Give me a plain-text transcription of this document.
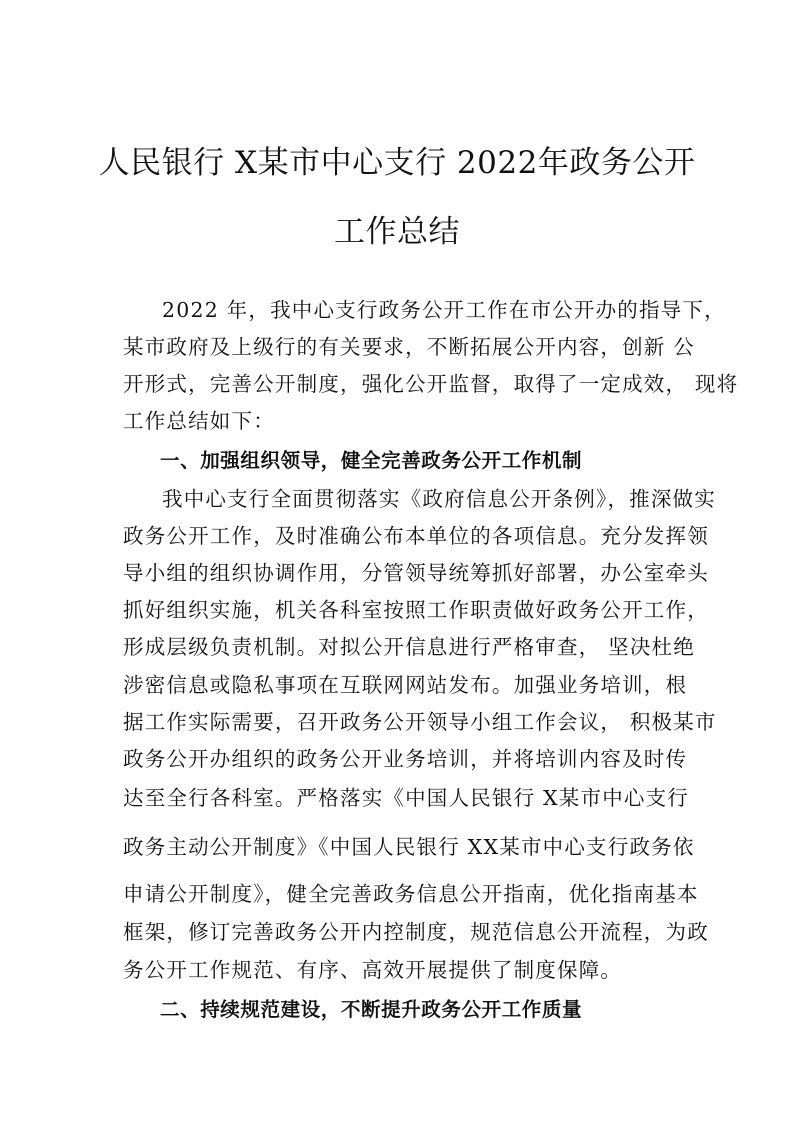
人民银行 X某市中心支行 2022年政务公开
工作总结
2022 年，我中心支行政务公开工作在市公开办的指导下，
某市政府及上级行的有关要求，不断拓展公开内容，创新 公
开形式，完善公开制度，强化公开监督，取得了一定成效， 现将
工作总结如下：
一、加强组织领导，健全完善政务公开工作机制
我中心支行全面贯彻落实《政府信息公开条例》，推深做实
政务公开工作，及时准确公布本单位的各项信息。充分发挥领
导小组的组织协调作用，分管领导统筹抓好部署，办公室牵头
抓好组织实施，机关各科室按照工作职责做好政务公开工作，
形成层级负责机制。对拟公开信息进行严格审查， 坚决杜绝
涉密信息或隐私事项在互联网网站发布。加强业务培训，根
据工作实际需要，召开政务公开领导小组工作会议， 积极某市
政务公开办组织的政务公开业务培训，并将培训内容及时传
达至全行各科室。严格落实《中国人民银行 X某市中心支行
政务主动公开制度》《中国人民银行 XX某市中心支行政务依
申请公开制度》，健全完善政务信息公开指南，优化指南基本
框架，修订完善政务公开内控制度，规范信息公开流程，为政
务公开工作规范、有序、高效开展提供了制度保障。
二、持续规范建设，不断提升政务公开工作质量
